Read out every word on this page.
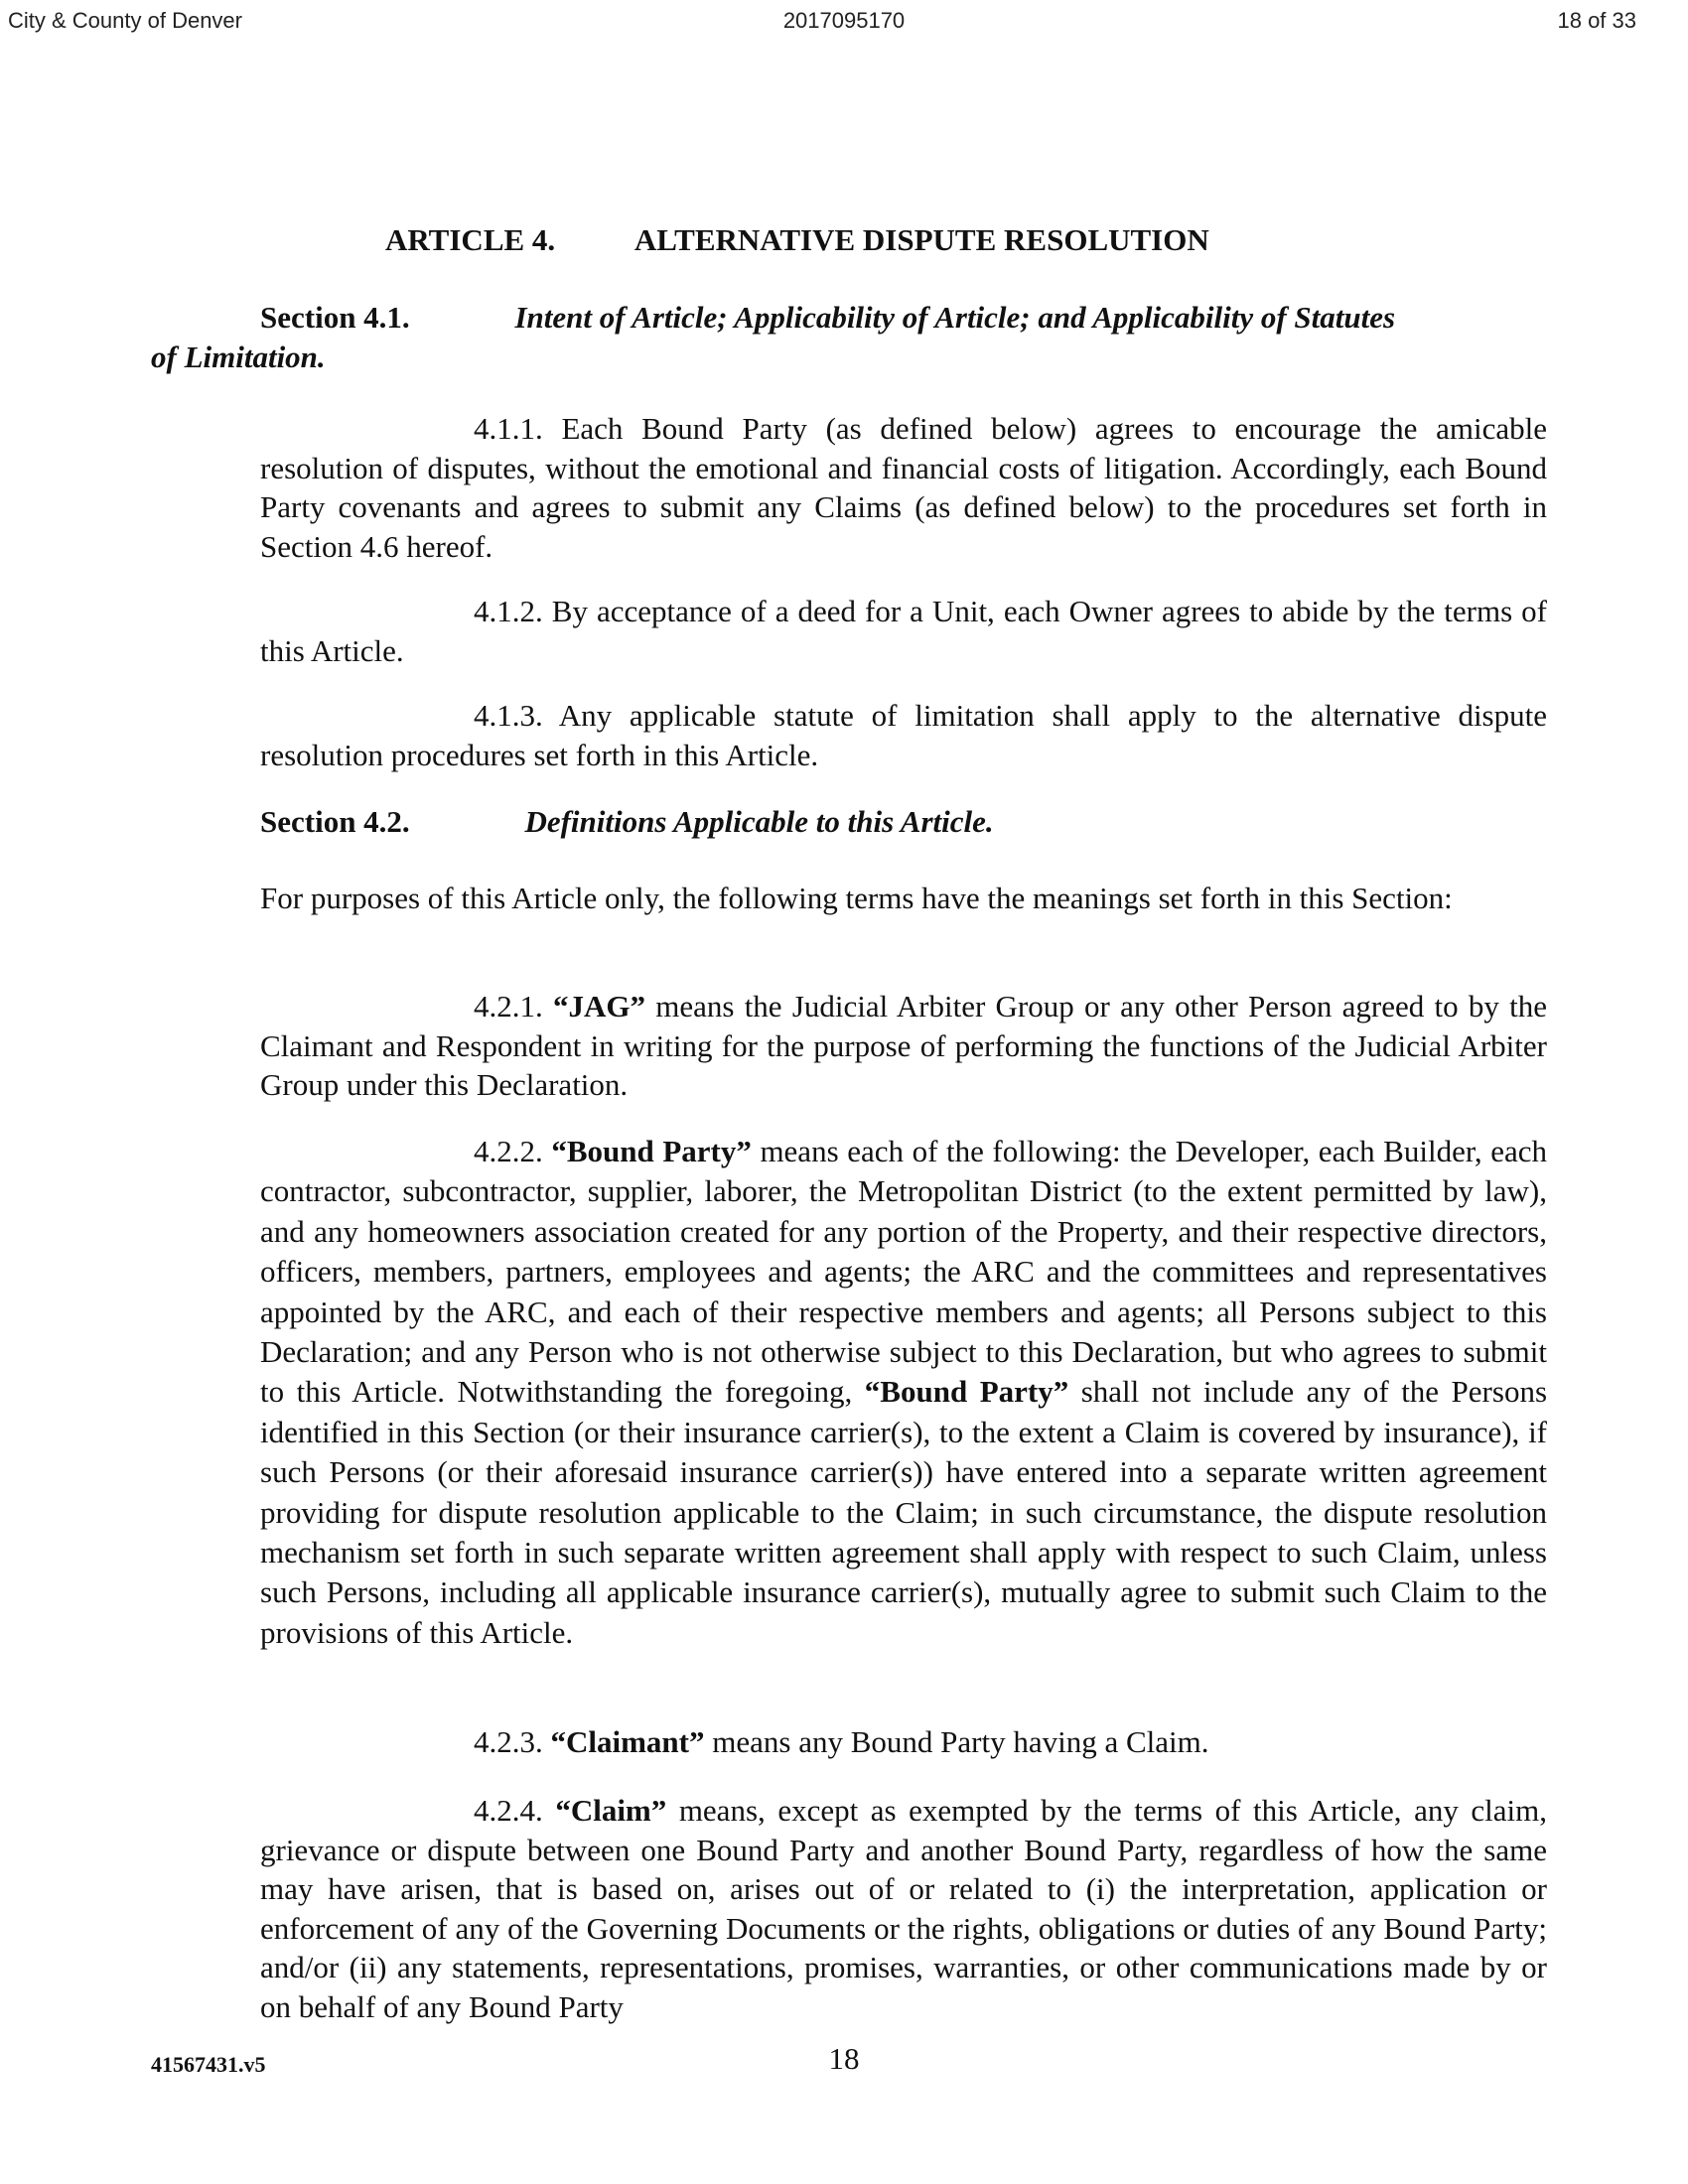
City & County of Denver	2017095170	18 of 33
ARTICLE 4.	ALTERNATIVE DISPUTE RESOLUTION
Section 4.1.	Intent of Article; Applicability of Article; and Applicability of Statutes
of Limitation.
4.1.1. Each Bound Party (as defined below) agrees to encourage the amicable resolution of disputes, without the emotional and financial costs of litigation. Accordingly, each Bound Party covenants and agrees to submit any Claims (as defined below) to the procedures set forth in Section 4.6 hereof.
4.1.2. By acceptance of a deed for a Unit, each Owner agrees to abide by the terms of this Article.
4.1.3. Any applicable statute of limitation shall apply to the alternative dispute resolution procedures set forth in this Article.
Section 4.2.	Definitions Applicable to this Article.
For purposes of this Article only, the following terms have the meanings set forth in this Section:
4.2.1. “JAG” means the Judicial Arbiter Group or any other Person agreed to by the Claimant and Respondent in writing for the purpose of performing the functions of the Judicial Arbiter Group under this Declaration.
4.2.2. “Bound Party” means each of the following: the Developer, each Builder, each contractor, subcontractor, supplier, laborer, the Metropolitan District (to the extent permitted by law), and any homeowners association created for any portion of the Property, and their respective directors, officers, members, partners, employees and agents; the ARC and the committees and representatives appointed by the ARC, and each of their respective members and agents; all Persons subject to this Declaration; and any Person who is not otherwise subject to this Declaration, but who agrees to submit to this Article. Notwithstanding the foregoing, “Bound Party” shall not include any of the Persons identified in this Section (or their insurance carrier(s), to the extent a Claim is covered by insurance), if such Persons (or their aforesaid insurance carrier(s)) have entered into a separate written agreement providing for dispute resolution applicable to the Claim; in such circumstance, the dispute resolution mechanism set forth in such separate written agreement shall apply with respect to such Claim, unless such Persons, including all applicable insurance carrier(s), mutually agree to submit such Claim to the provisions of this Article.
4.2.3. “Claimant” means any Bound Party having a Claim.
4.2.4. “Claim” means, except as exempted by the terms of this Article, any claim, grievance or dispute between one Bound Party and another Bound Party, regardless of how the same may have arisen, that is based on, arises out of or related to (i) the interpretation, application or enforcement of any of the Governing Documents or the rights, obligations or duties of any Bound Party; and/or (ii) any statements, representations, promises, warranties, or other communications made by or on behalf of any Bound Party
41567431.v5	18
